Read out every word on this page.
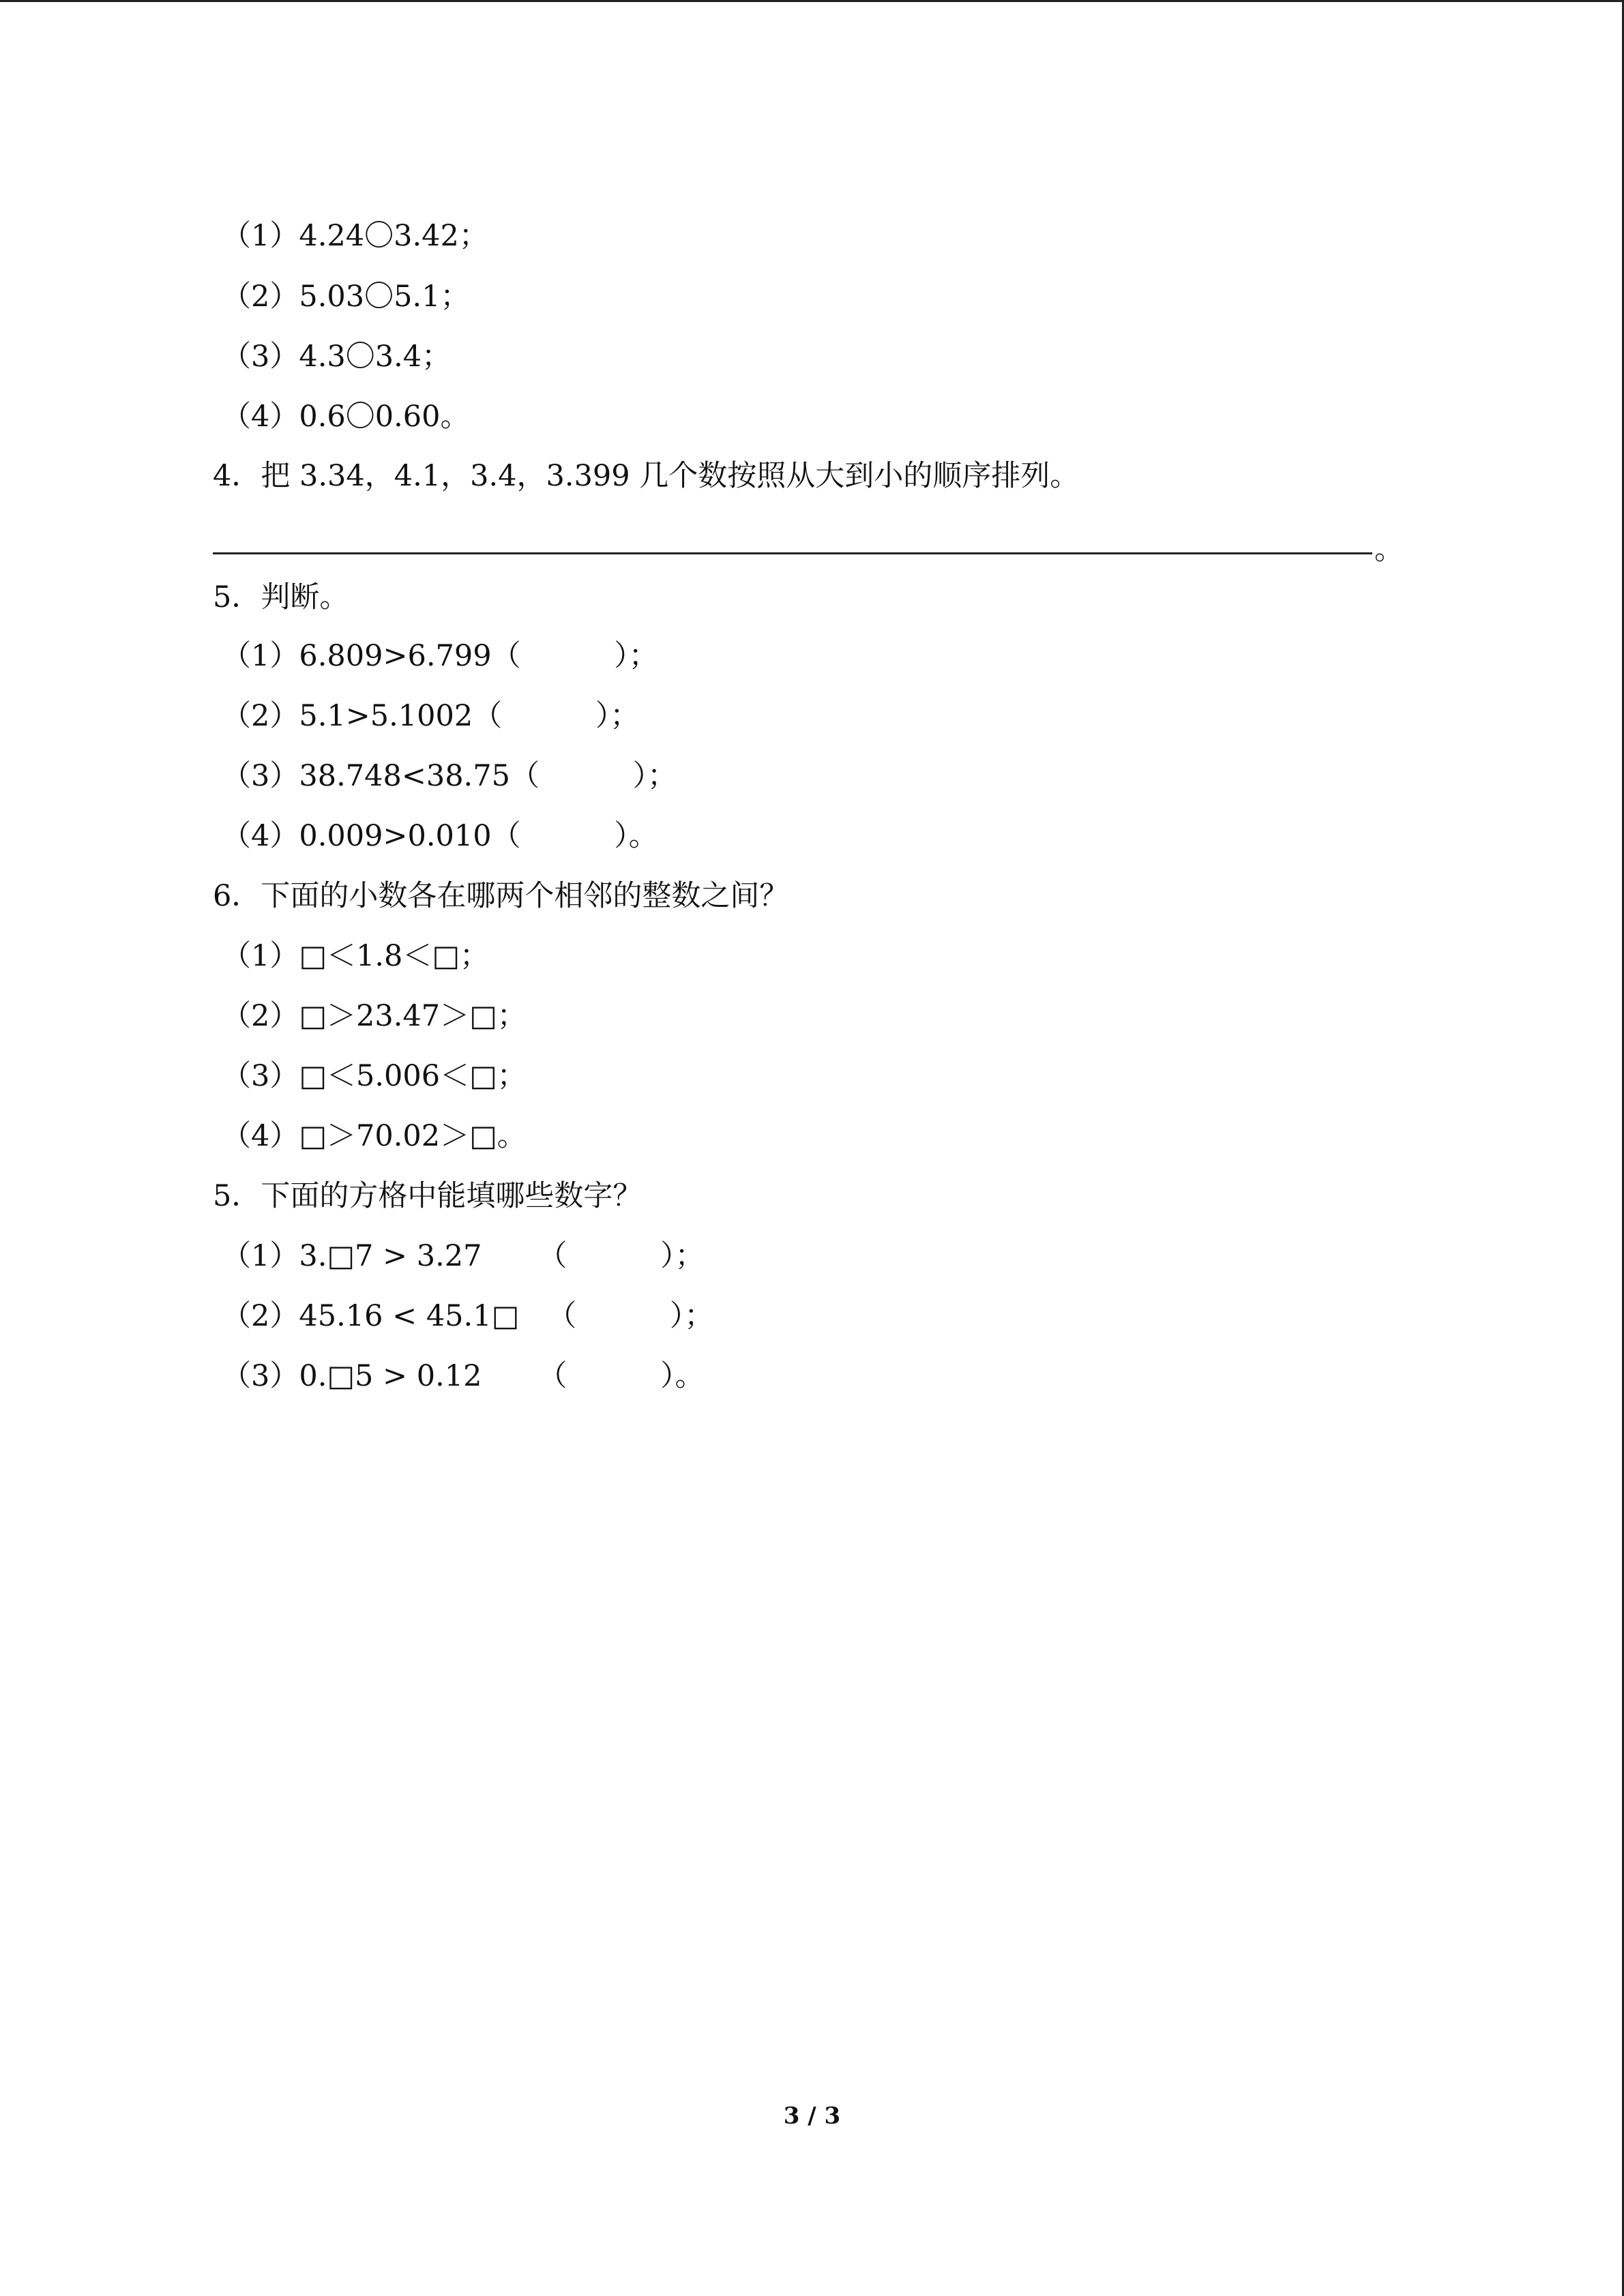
（1）4.24〇3.42；
（2）5.03〇5.1；
（3）4.3〇3.4；
（4）0.6〇0.60。
4．把 3.34，4.1，3.4，3.399 几个数按照从大到小的顺序排列。
。
5．判断。
（1）6.809>6.799（          ）；
（2）5.1>5.1002（          ）；
（3）38.748<38.75（          ）；
（4）0.009>0.010（          ）。
6．下面的小数各在哪两个相邻的整数之间？
（1）□＜1.8＜□；
（2）□＞23.47＞□；
（3）□＜5.006＜□；
（4）□＞70.02＞□。
5．下面的方格中能填哪些数字？
（1）3.□7 > 3.27      （          ）；
（2）45.16 < 45.1□   （          ）；
（3）0.□5 > 0.12      （          ）。
3 / 3
